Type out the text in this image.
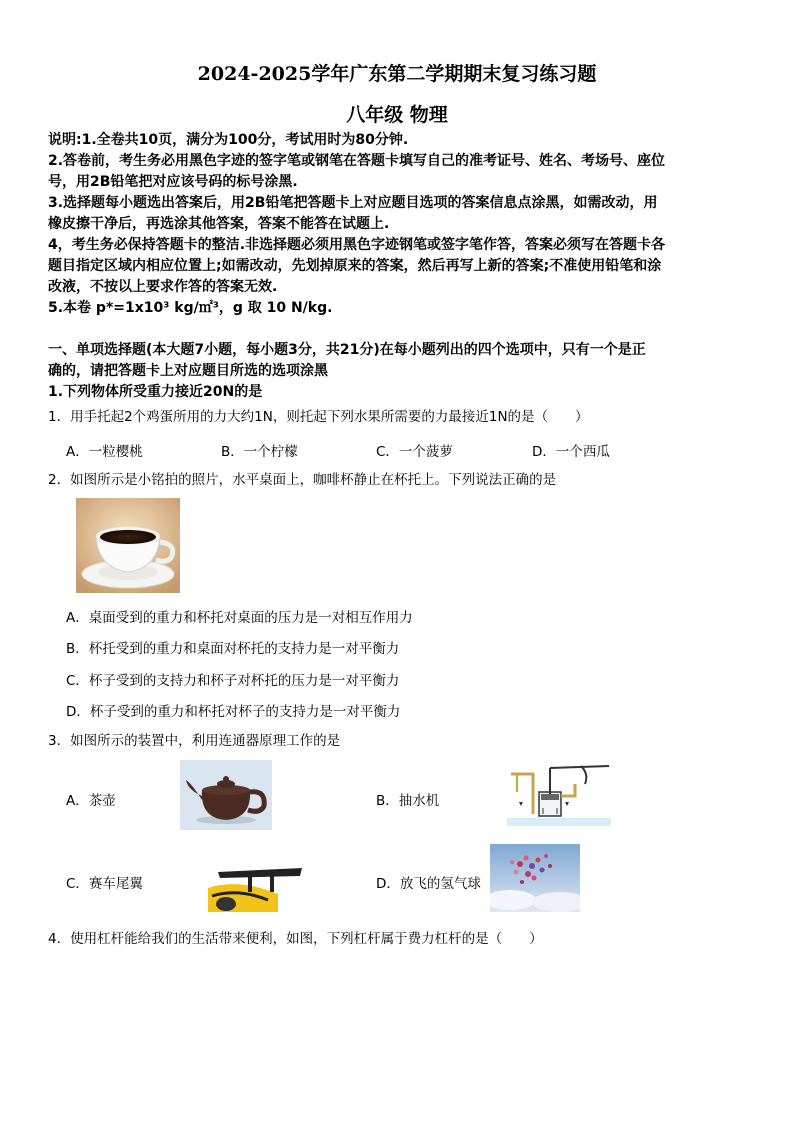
2024-2025学年广东第二学期期末复习练习题
八年级 物理
说明:1.全卷共10页，满分为100分，考试用时为80分钟.
2.答卷前，考生务必用黑色字迹的签字笔或钢笔在答题卡填写自己的准考证号、姓名、考场号、座位
号，用2B铅笔把对应该号码的标号涂黑.
3.选择题每小题选出答案后，用2B铅笔把答题卡上对应题目选项的答案信息点涂黑，如需改动，用
橡皮擦干净后，再选涂其他答案，答案不能答在试题上.
4，考生务必保持答题卡的整洁.非选择题必须用黑色字迹钢笔或签字笔作答，答案必须写在答题卡各
题目指定区域内相应位置上;如需改动，先划掉原来的答案，然后再写上新的答案;不准使用铅笔和涂
改液，不按以上要求作答的答案无效.
5.本卷 p*=1x10³ kg/㎡³，g 取 10 N/kg.
一、单项选择题(本大题7小题，每小题3分，共21分)在每小题列出的四个选项中，只有一个是正
确的，请把答题卡上对应题目所选的选项涂黑
1.下列物体所受重力接近20N的是
1．用手托起2个鸡蛋所用的力大约1N，则托起下列水果所需要的力最接近1N的是（　　）
A．一粒樱桃	B．一个柠檬	C．一个菠萝	D．一个西瓜
2．如图所示是小铭拍的照片，水平桌面上，咖啡杯静止在杯托上。下列说法正确的是
A．桌面受到的重力和杯托对桌面的压力是一对相互作用力
B．杯托受到的重力和桌面对杯托的支持力是一对平衡力
C．杯子受到的支持力和杯子对杯托的压力是一对平衡力
D．杯子受到的重力和杯托对杯子的支持力是一对平衡力
3．如图所示的装置中，利用连通器原理工作的是
A．茶壶	B．抽水机
C．赛车尾翼	D．放飞的氢气球
4．使用杠杆能给我们的生活带来便利，如图，下列杠杆属于费力杠杆的是（　　）
